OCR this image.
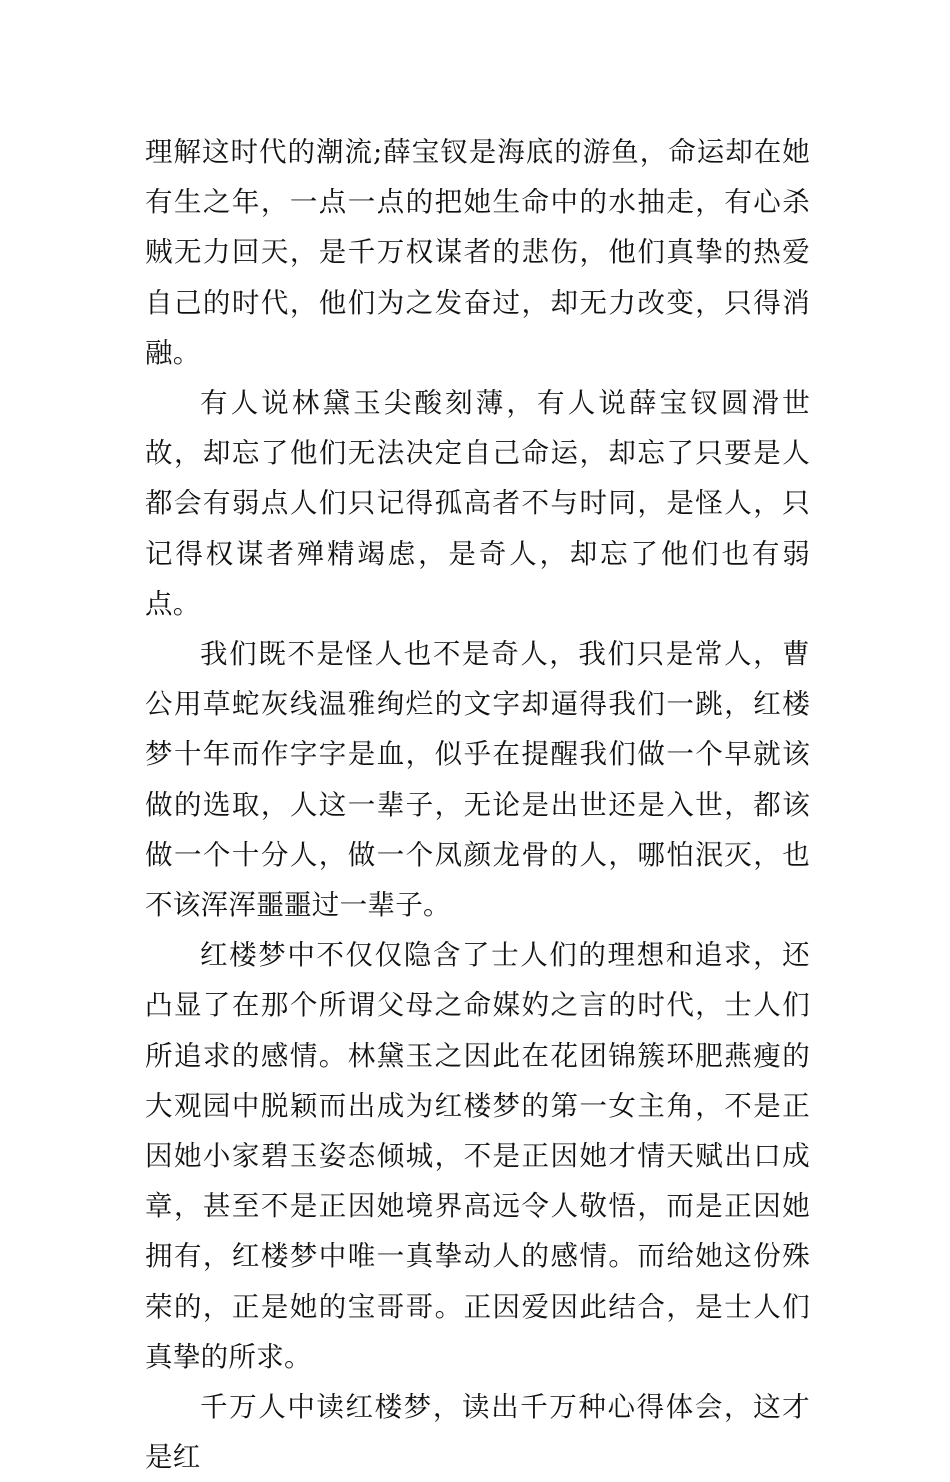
理解这时代的潮流;薛宝钗是海底的游鱼，命运却在她有生之年，一点一点的把她生命中的水抽走，有心杀贼无力回天，是千万权谋者的悲伤，他们真挚的热爱自己的时代，他们为之发奋过，却无力改变，只得消融。

有人说林黛玉尖酸刻薄，有人说薛宝钗圆滑世故，却忘了他们无法决定自己命运，却忘了只要是人都会有弱点人们只记得孤高者不与时同，是怪人，只记得权谋者殚精竭虑，是奇人，却忘了他们也有弱点。

我们既不是怪人也不是奇人，我们只是常人，曹公用草蛇灰线温雅绚烂的文字却逼得我们一跳，红楼梦十年而作字字是血，似乎在提醒我们做一个早就该做的选取，人这一辈子，无论是出世还是入世，都该做一个十分人，做一个凤颜龙骨的人，哪怕泯灭，也不该浑浑噩噩过一辈子。

红楼梦中不仅仅隐含了士人们的理想和追求，还凸显了在那个所谓父母之命媒妁之言的时代，士人们所追求的感情。林黛玉之因此在花团锦簇环肥燕瘦的大观园中脱颖而出成为红楼梦的第一女主角，不是正因她小家碧玉姿态倾城，不是正因她才情天赋出口成章，甚至不是正因她境界高远令人敬悟，而是正因她拥有，红楼梦中唯一真挚动人的感情。而给她这份殊荣的，正是她的宝哥哥。正因爱因此结合，是士人们真挚的所求。

千万人中读红楼梦，读出千万种心得体会，这才是红
